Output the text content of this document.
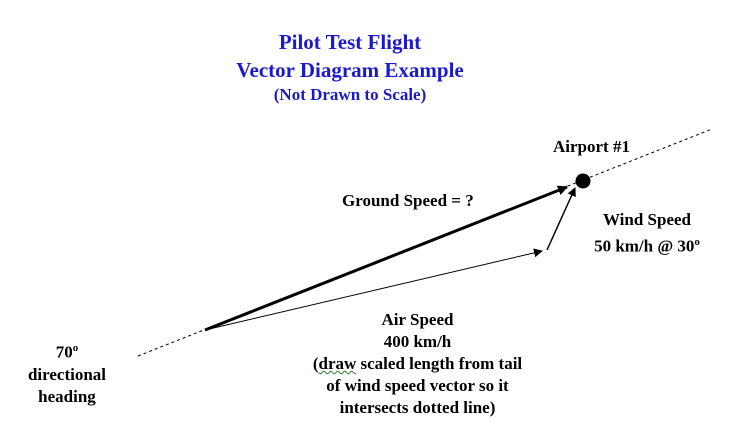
Pilot Test Flight
Vector Diagram Example
(Not Drawn to Scale)
Airport #1
Ground Speed = ?
Wind Speed
50 km/h @ 30$^o$
Air Speed
400 km/h
(draw scaled length from tail
of wind speed vector so it
intersects dotted line)
70$^o$
directional
heading
